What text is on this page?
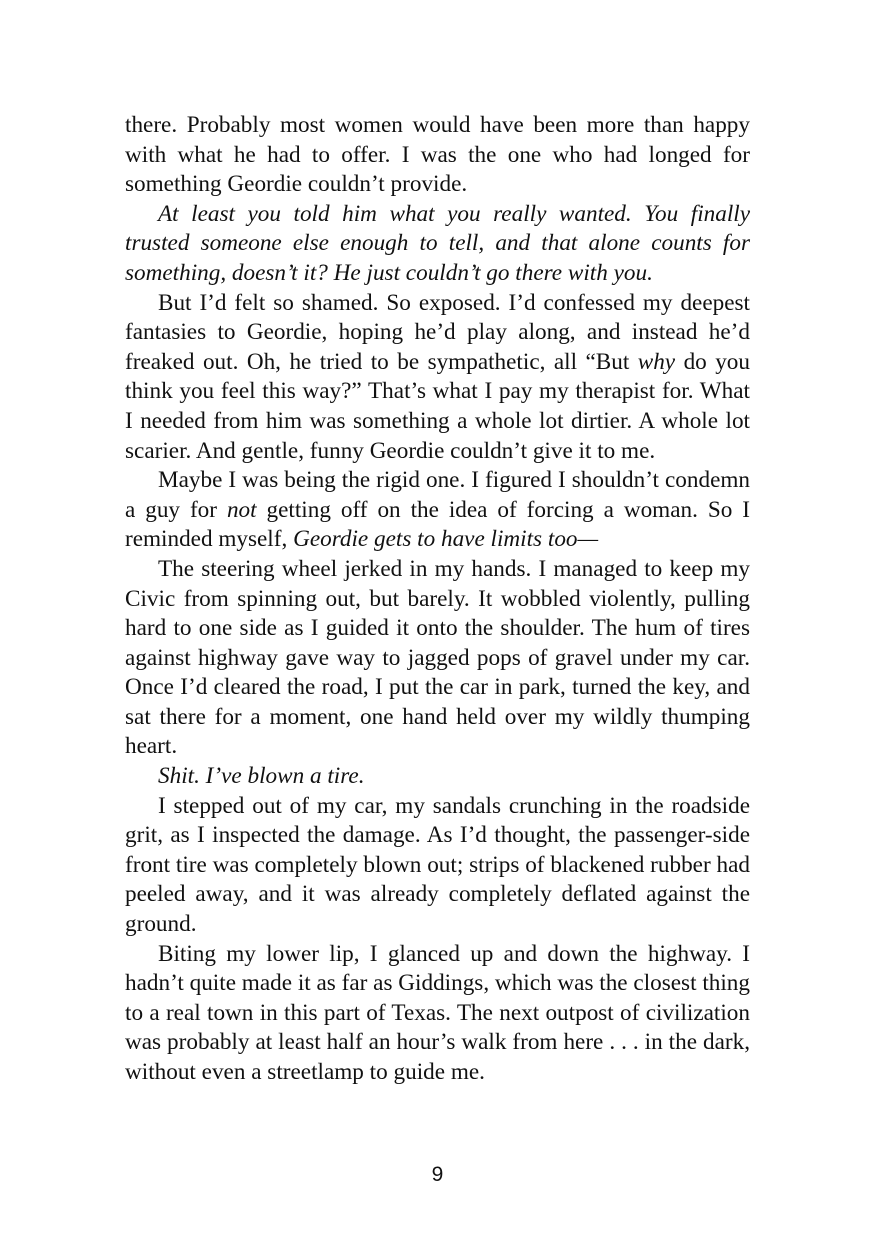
there. Probably most women would have been more than happy with what he had to offer. I was the one who had longed for something Geordie couldn’t provide.

At least you told him what you really wanted. You finally trusted someone else enough to tell, and that alone counts for something, doesn’t it? He just couldn’t go there with you.

But I’d felt so shamed. So exposed. I’d confessed my deepest fantasies to Geordie, hoping he’d play along, and instead he’d freaked out. Oh, he tried to be sympathetic, all “But why do you think you feel this way?” That’s what I pay my therapist for. What I needed from him was something a whole lot dirtier. A whole lot scarier. And gentle, funny Geordie couldn’t give it to me.

Maybe I was being the rigid one. I figured I shouldn’t condemn a guy for not getting off on the idea of forcing a woman. So I reminded myself, Geordie gets to have limits too—

The steering wheel jerked in my hands. I managed to keep my Civic from spinning out, but barely. It wobbled violently, pulling hard to one side as I guided it onto the shoulder. The hum of tires against highway gave way to jagged pops of gravel under my car. Once I’d cleared the road, I put the car in park, turned the key, and sat there for a moment, one hand held over my wildly thumping heart.

Shit. I’ve blown a tire.

I stepped out of my car, my sandals crunching in the roadside grit, as I inspected the damage. As I’d thought, the passenger-side front tire was completely blown out; strips of blackened rubber had peeled away, and it was already completely deflated against the ground.

Biting my lower lip, I glanced up and down the highway. I hadn’t quite made it as far as Giddings, which was the closest thing to a real town in this part of Texas. The next outpost of civilization was probably at least half an hour’s walk from here . . . in the dark, without even a streetlamp to guide me.

9
